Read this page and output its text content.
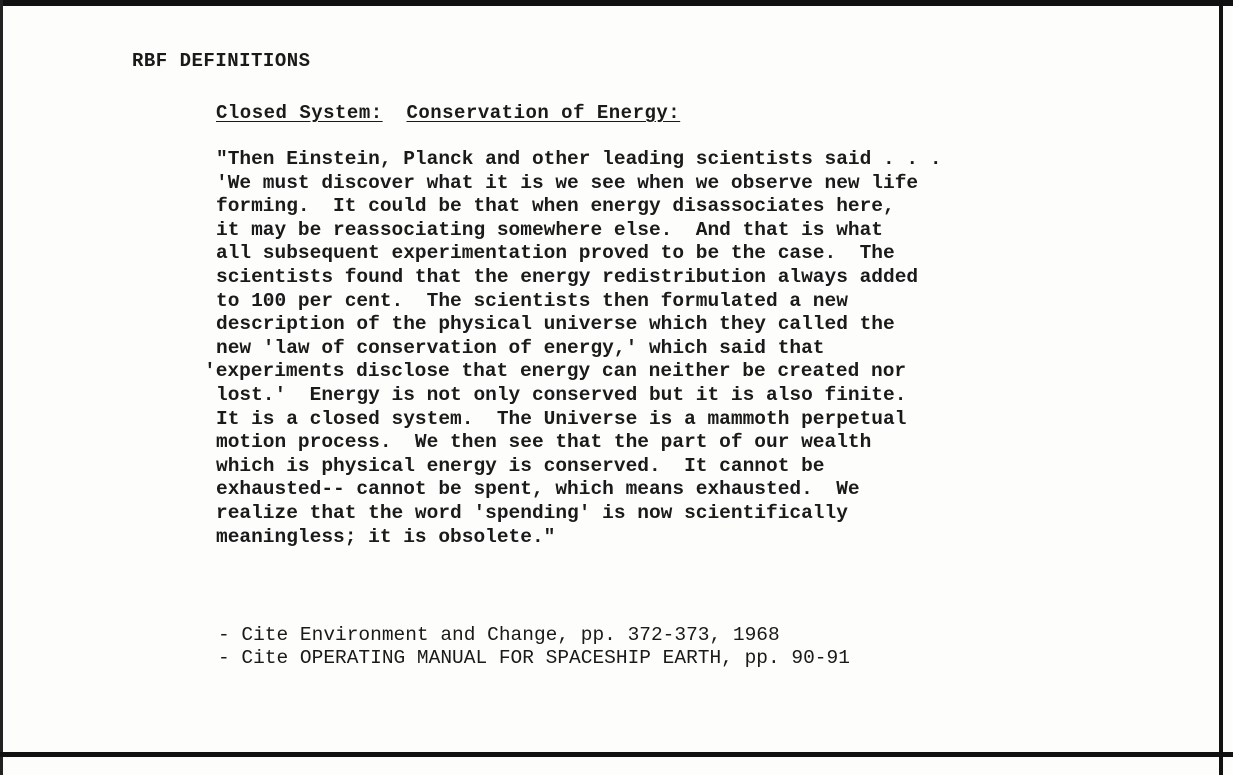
RBF DEFINITIONS
Closed System: Conservation of Energy:
"Then Einstein, Planck and other leading scientists said . . .
'We must discover what it is we see when we observe new life
forming.  It could be that when energy disassociates here,
it may be reassociating somewhere else.  And that is what
all subsequent experimentation proved to be the case.  The
scientists found that the energy redistribution always added
to 100 per cent.  The scientists then formulated a new
description of the physical universe which they called the
new 'law of conservation of energy,' which said that
'experiments disclose that energy can neither be created nor
lost.'  Energy is not only conserved but it is also finite.
It is a closed system.  The Universe is a mammoth perpetual
motion process.  We then see that the part of our wealth
which is physical energy is conserved.  It cannot be
exhausted-- cannot be spent, which means exhausted.  We
realize that the word 'spending' is now scientifically
meaningless; it is obsolete."
- Cite Environment and Change, pp. 372-373, 1968
- Cite OPERATING MANUAL FOR SPACESHIP EARTH, pp. 90-91
